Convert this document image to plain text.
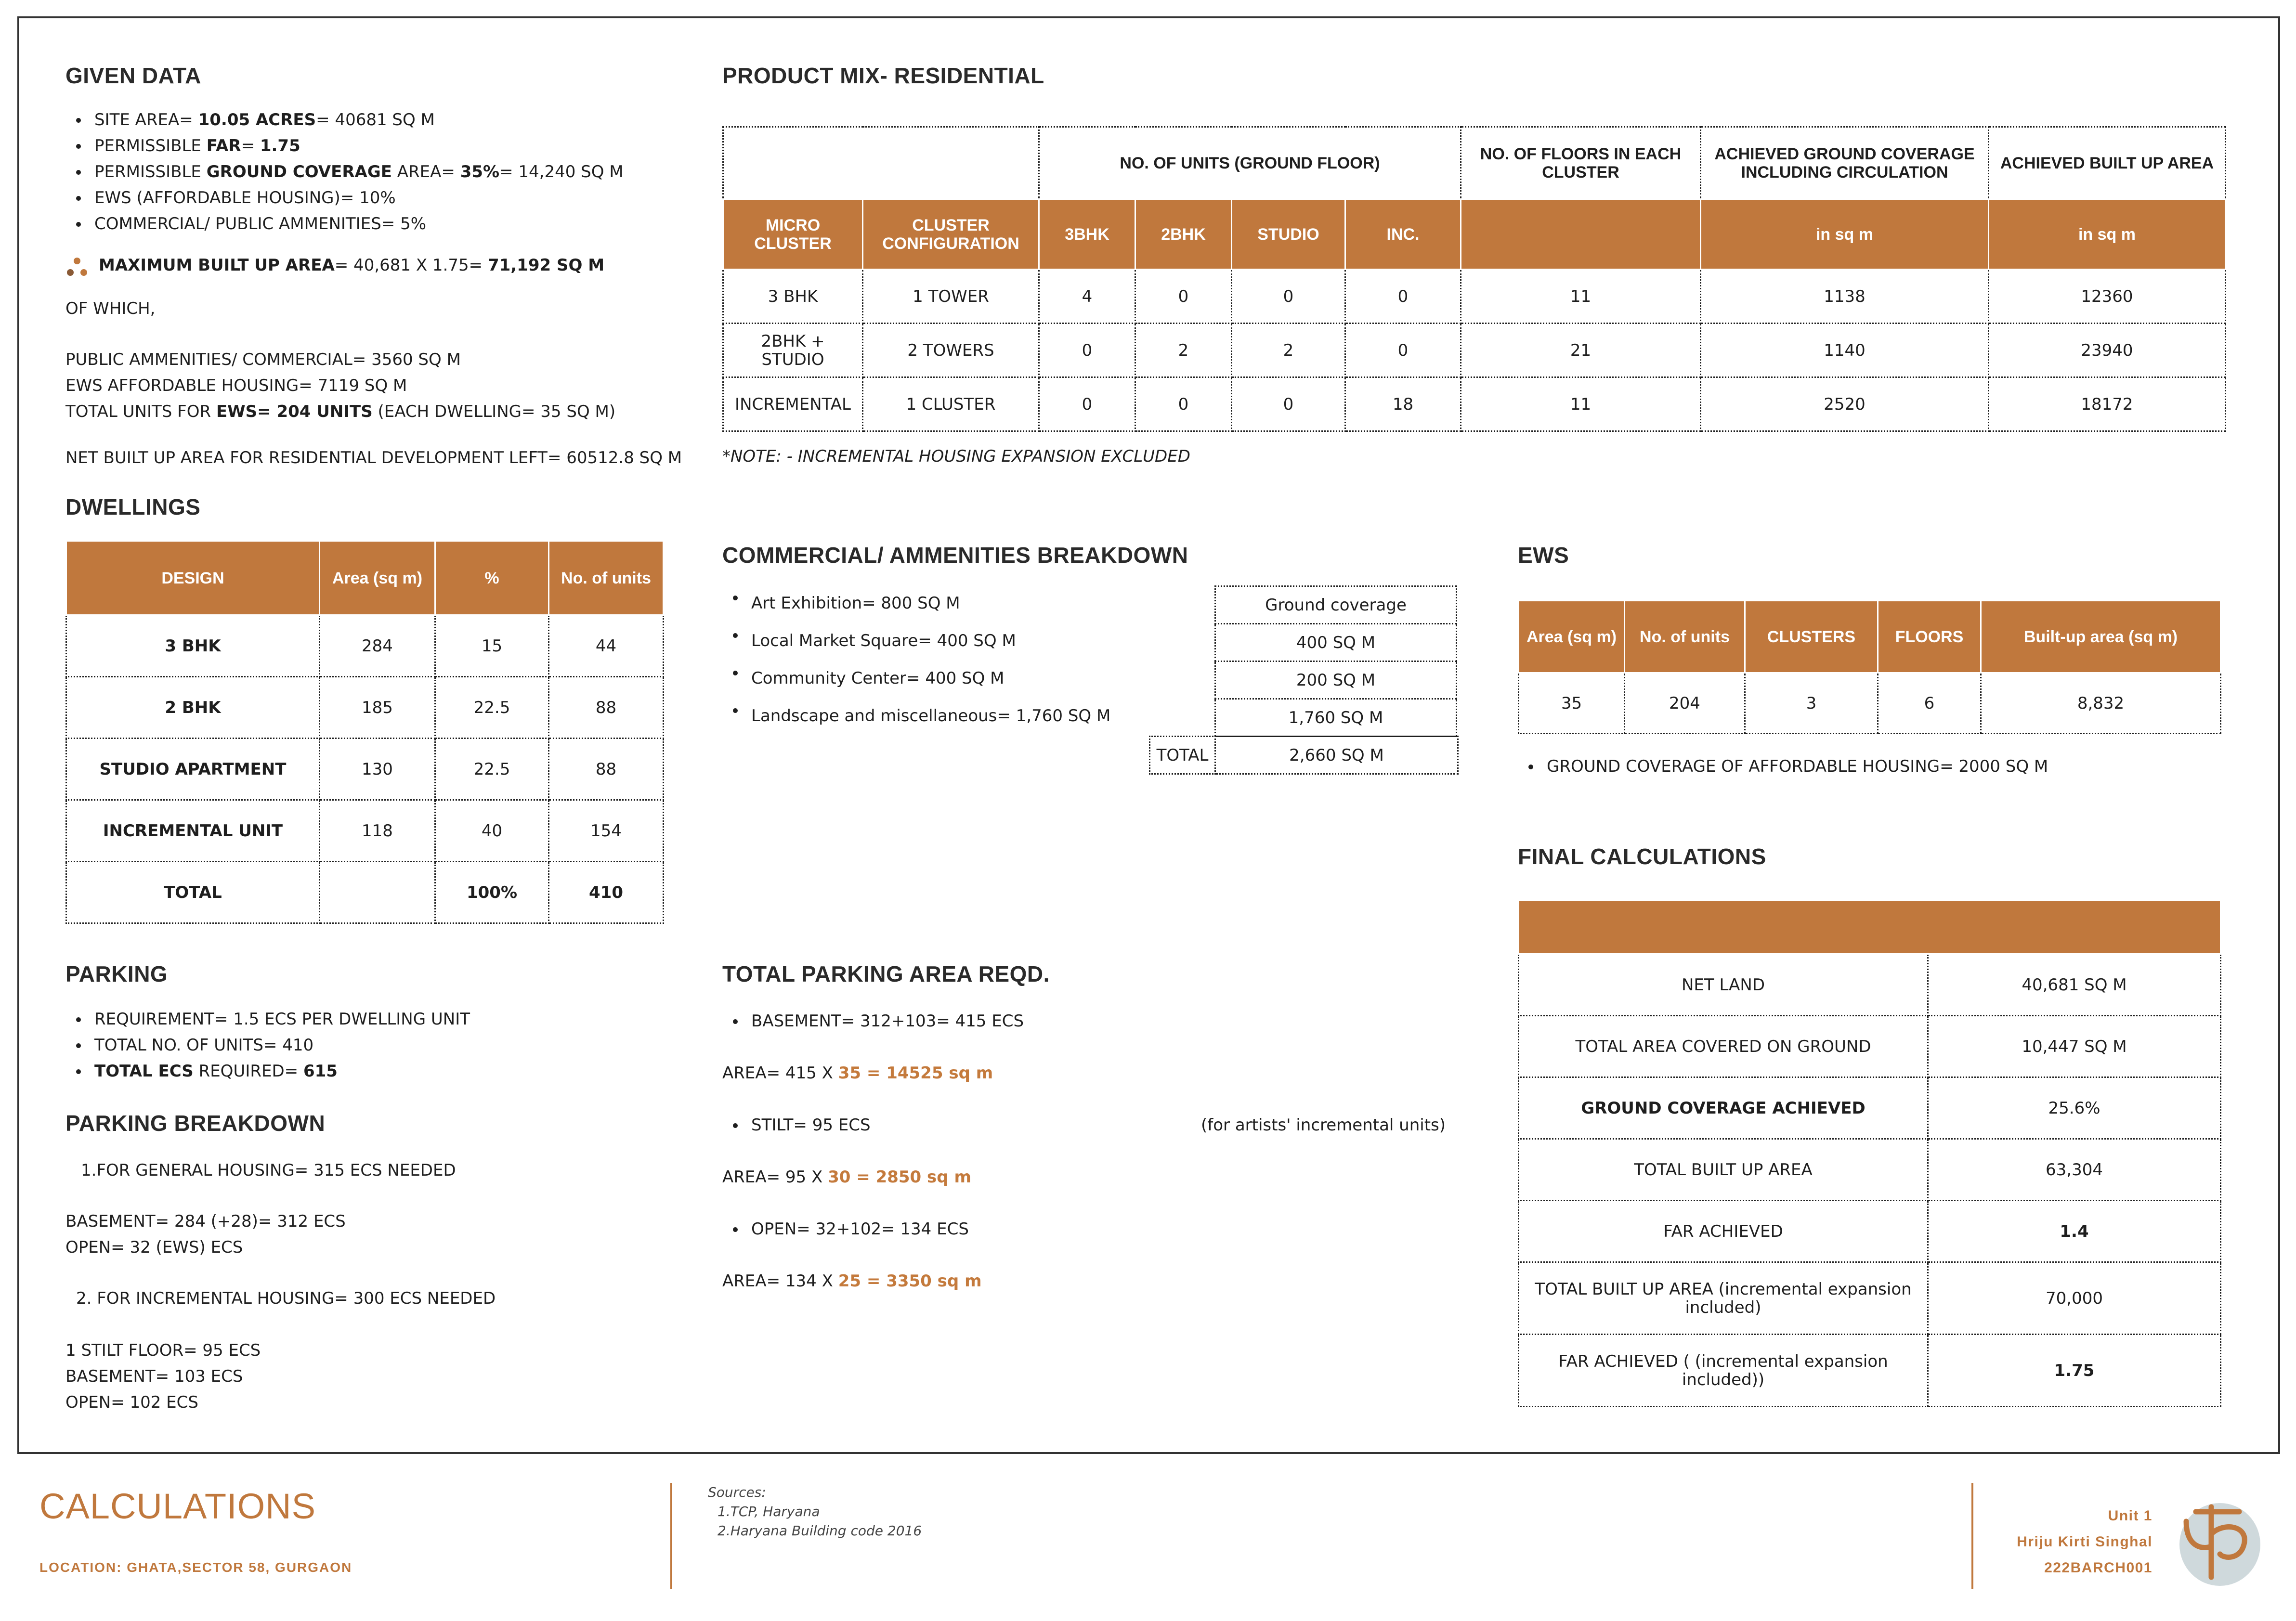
GIVEN DATA
SITE AREA= 10.05 ACRES= 40681 SQ M
PERMISSIBLE FAR= 1.75
PERMISSIBLE GROUND COVERAGE AREA= 35%= 14,240 SQ M
EWS (AFFORDABLE HOUSING)= 10%
COMMERCIAL/ PUBLIC AMMENITIES= 5%
MAXIMUM BUILT UP AREA= 40,681 X 1.75= 71,192 SQ M
OF WHICH,
PUBLIC AMMENITIES/ COMMERCIAL= 3560 SQ M
EWS AFFORDABLE HOUSING= 7119 SQ M
TOTAL UNITS FOR EWS= 204 UNITS (EACH DWELLING= 35 SQ M)
NET BUILT UP AREA FOR RESIDENTIAL DEVELOPMENT LEFT= 60512.8 SQ M
DWELLINGS
DESIGN	Area (sq m)	%	No. of units
3 BHK	284	15	44
2 BHK	185	22.5	88
STUDIO APARTMENT	130	22.5	88
INCREMENTAL UNIT	118	40	154
TOTAL		100%	410
PARKING
REQUIREMENT= 1.5 ECS PER DWELLING UNIT
TOTAL NO. OF UNITS= 410
TOTAL ECS REQUIRED= 615
PARKING BREAKDOWN
1.FOR GENERAL HOUSING= 315 ECS NEEDED
BASEMENT= 284 (+28)= 312 ECS
OPEN= 32 (EWS) ECS
2. FOR INCREMENTAL HOUSING= 300 ECS NEEDED
1 STILT FLOOR= 95 ECS
BASEMENT= 103 ECS
OPEN= 102 ECS
PRODUCT MIX- RESIDENTIAL
		NO. OF UNITS (GROUND FLOOR)				NO. OF FLOORS IN EACH CLUSTER	ACHIEVED GROUND COVERAGE INCLUDING CIRCULATION	ACHIEVED BUILT UP AREA
MICRO CLUSTER	CLUSTER CONFIGURATION	3BHK	2BHK	STUDIO	INC.		in sq m	in sq m
3 BHK	1 TOWER	4	0	0	0	11	1138	12360
2BHK + STUDIO	2 TOWERS	0	2	2	0	21	1140	23940
INCREMENTAL	1 CLUSTER	0	0	0	18	11	2520	18172
*NOTE: - INCREMENTAL HOUSING EXPANSION EXCLUDED
COMMERCIAL/ AMMENITIES BREAKDOWN
Art Exhibition= 800 SQ M
Local Market Square= 400 SQ M
Community Center= 400 SQ M
Landscape and miscellaneous= 1,760 SQ M
Ground coverage
400 SQ M
200 SQ M
1,760 SQ M
TOTAL	2,660 SQ M
EWS
Area (sq m)	No. of units	CLUSTERS	FLOORS	Built-up area (sq m)
35	204	3	6	8,832
GROUND COVERAGE OF AFFORDABLE HOUSING= 2000 SQ M
TOTAL PARKING AREA REQD.
BASEMENT= 312+103= 415 ECS
AREA= 415 X 35 = 14525 sq m
STILT= 95 ECS	(for artists' incremental units)
AREA= 95 X 30 = 2850 sq m
OPEN= 32+102= 134 ECS
AREA= 134 X 25 = 3350 sq m
FINAL CALCULATIONS

NET LAND	40,681 SQ M
TOTAL AREA COVERED ON GROUND	10,447 SQ M
GROUND COVERAGE ACHIEVED	25.6%
TOTAL BUILT UP AREA	63,304
FAR ACHIEVED	1.4
TOTAL BUILT UP AREA (incremental expansion included)	70,000
FAR ACHIEVED ( (incremental expansion included))	1.75
CALCULATIONS
LOCATION: GHATA,SECTOR 58, GURGAON
Sources:
1.TCP, Haryana
2.Haryana Building code 2016
Unit 1
Hriju Kirti Singhal
222BARCH001
